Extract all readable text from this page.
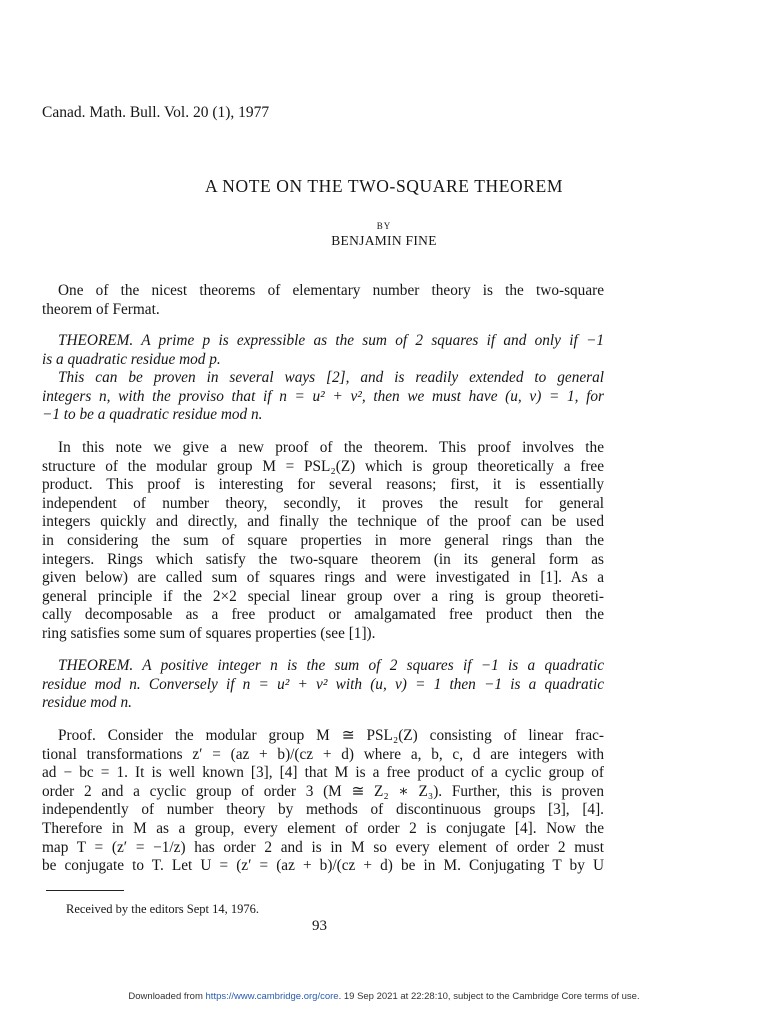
Canad. Math. Bull. Vol. 20 (1), 1977
A NOTE ON THE TWO-SQUARE THEOREM
BY
BENJAMIN FINE
One of the nicest theorems of elementary number theory is the two-square
theorem of Fermat.
THEOREM. A prime p is expressible as the sum of 2 squares if and only if −1
is a quadratic residue mod p.
This can be proven in several ways [2], and is readily extended to general
integers n, with the proviso that if n = u² + v², then we must have (u, v) = 1, for
−1 to be a quadratic residue mod n.
In this note we give a new proof of the theorem. This proof involves the
structure of the modular group M = PSL₂(Z) which is group theoretically a free
product. This proof is interesting for several reasons; first, it is essentially
independent of number theory, secondly, it proves the result for general
integers quickly and directly, and finally the technique of the proof can be used
in considering the sum of square properties in more general rings than the
integers. Rings which satisfy the two-square theorem (in its general form as
given below) are called sum of squares rings and were investigated in [1]. As a
general principle if the 2×2 special linear group over a ring is group theoreti-
cally decomposable as a free product or amalgamated free product then the
ring satisfies some sum of squares properties (see [1]).
THEOREM. A positive integer n is the sum of 2 squares if −1 is a quadratic
residue mod n. Conversely if n = u² + v² with (u, v) = 1 then −1 is a quadratic
residue mod n.
Proof. Consider the modular group M ≅ PSL₂(Z) consisting of linear frac-
tional transformations z′ = (az + b)/(cz + d) where a, b, c, d are integers with
ad − bc = 1. It is well known [3], [4] that M is a free product of a cyclic group of
order 2 and a cyclic group of order 3 (M ≅ Z₂ ∗ Z₃). Further, this is proven
independently of number theory by methods of discontinuous groups [3], [4].
Therefore in M as a group, every element of order 2 is conjugate [4]. Now the
map T = (z′ = −1/z) has order 2 and is in M so every element of order 2 must
be conjugate to T. Let U = (z′ = (az + b)/(cz + d) be in M. Conjugating T by U
Received by the editors Sept 14, 1976.
93
Downloaded from https://www.cambridge.org/core. 19 Sep 2021 at 22:28:10, subject to the Cambridge Core terms of use.
